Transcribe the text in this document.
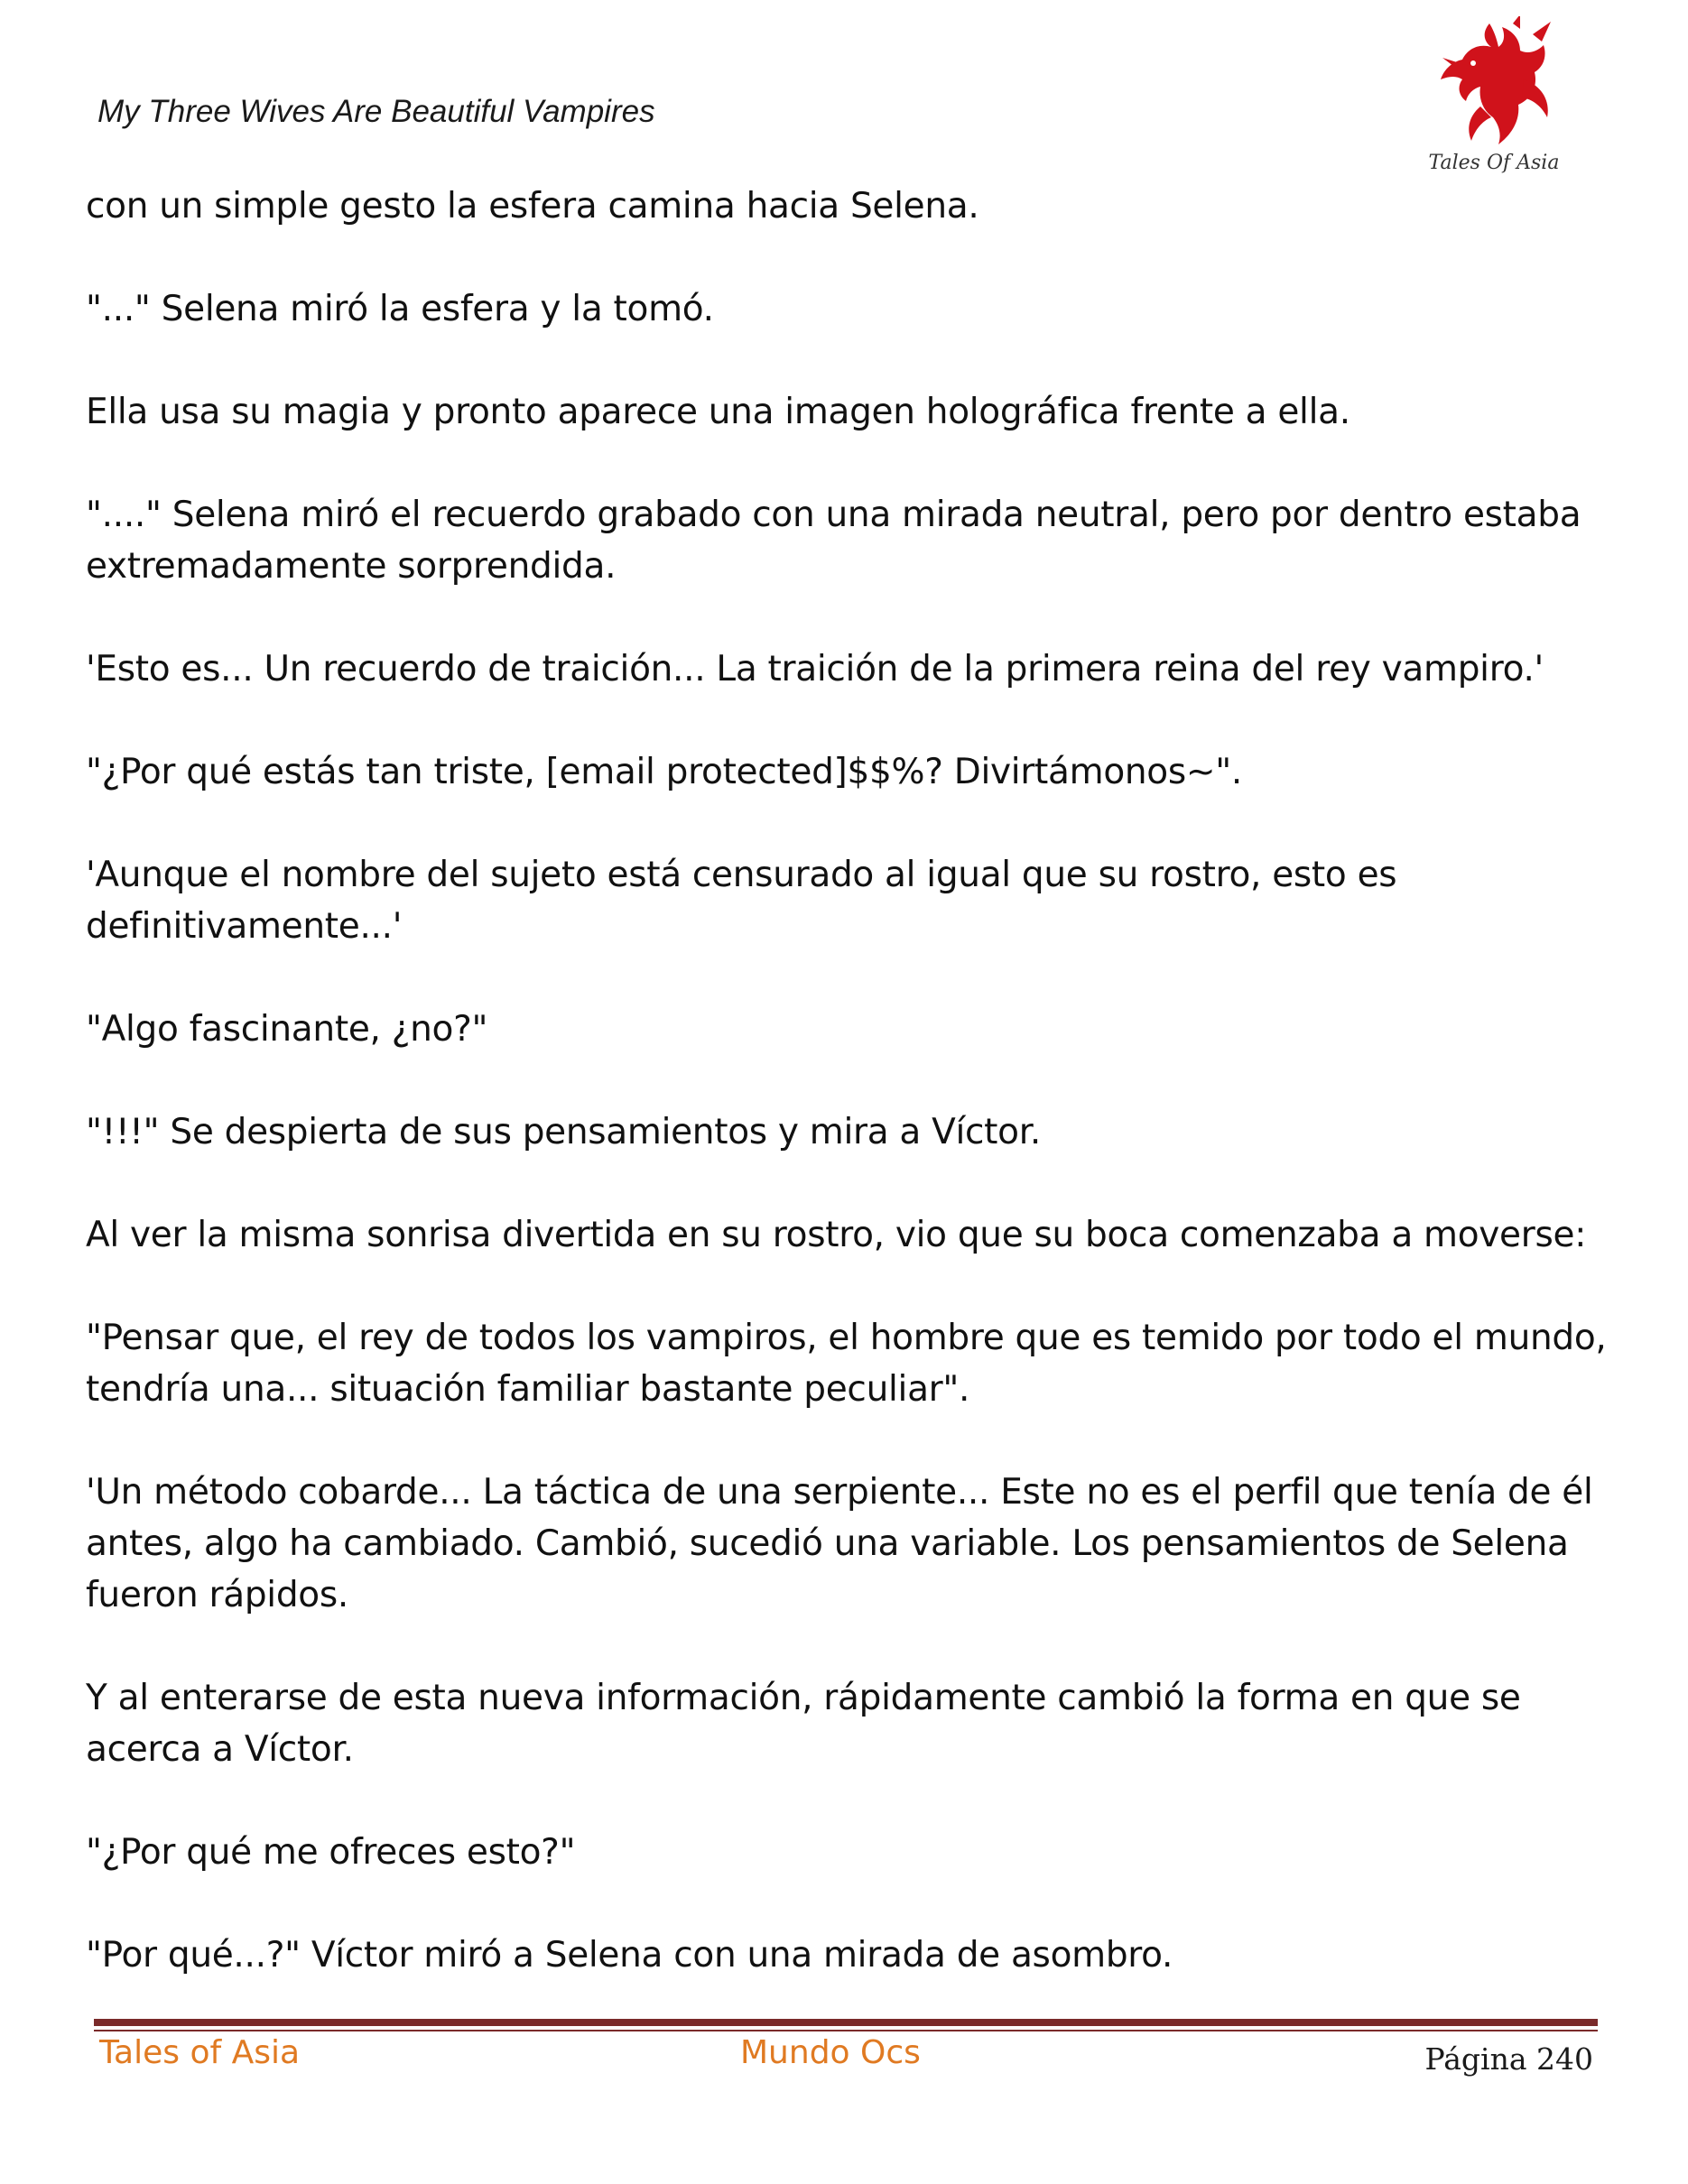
My Three Wives Are Beautiful Vampires
Tales Of Asia

con un simple gesto la esfera camina hacia Selena.

"..." Selena miró la esfera y la tomó.

Ella usa su magia y pronto aparece una imagen holográfica frente a ella.

"...." Selena miró el recuerdo grabado con una mirada neutral, pero por dentro estaba extremadamente sorprendida.

'Esto es... Un recuerdo de traición... La traición de la primera reina del rey vampiro.'

"¿Por qué estás tan triste, [email protected]$$%? Divirtámonos~".

'Aunque el nombre del sujeto está censurado al igual que su rostro, esto es definitivamente...'

"Algo fascinante, ¿no?"

"!!!" Se despierta de sus pensamientos y mira a Víctor.

Al ver la misma sonrisa divertida en su rostro, vio que su boca comenzaba a moverse:

"Pensar que, el rey de todos los vampiros, el hombre que es temido por todo el mundo, tendría una... situación familiar bastante peculiar".

'Un método cobarde... La táctica de una serpiente... Este no es el perfil que tenía de él antes, algo ha cambiado. Cambió, sucedió una variable. Los pensamientos de Selena fueron rápidos.

Y al enterarse de esta nueva información, rápidamente cambió la forma en que se acerca a Víctor.

"¿Por qué me ofreces esto?"

"Por qué...?" Víctor miró a Selena con una mirada de asombro.

Tales of Asia	Mundo Ocs	Página 240
